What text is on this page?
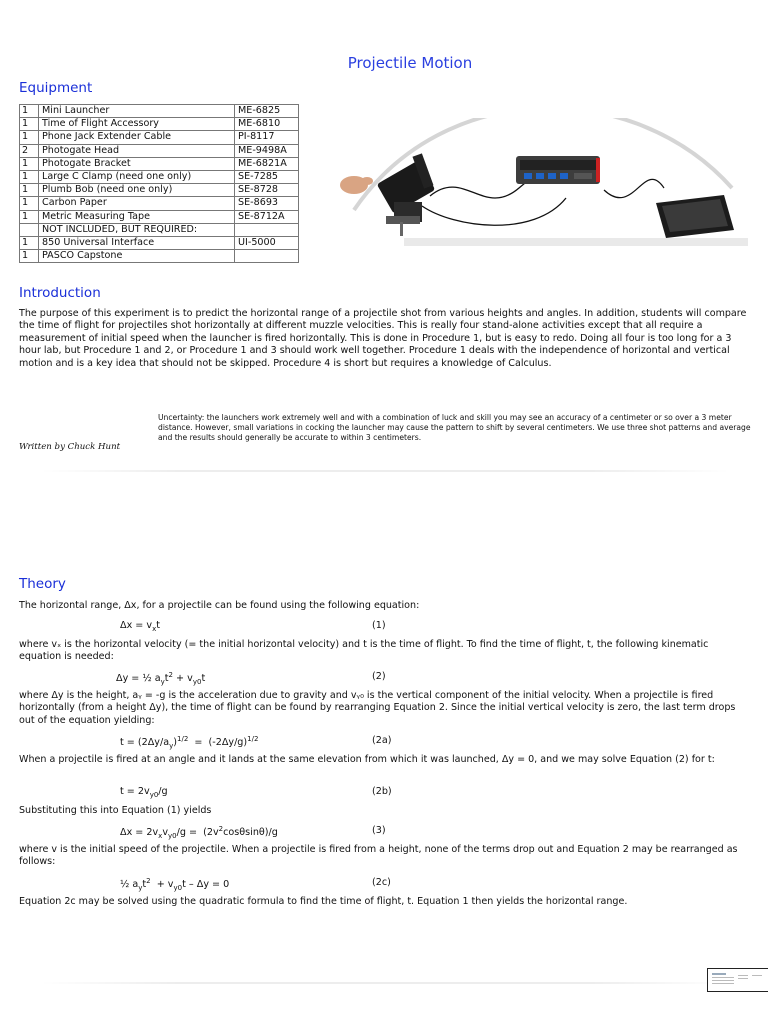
Projectile Motion
Equipment
1	Mini Launcher	ME-6825
1	Time of Flight Accessory	ME-6810
1	Phone Jack Extender Cable	PI-8117
2	Photogate Head	ME-9498A
1	Photogate Bracket	ME-6821A
1	Large C Clamp (need one only)	SE-7285
1	Plumb Bob (need one only)	SE-8728
1	Carbon Paper	SE-8693
1	Metric Measuring Tape	SE-8712A
	NOT INCLUDED, BUT REQUIRED:	
1	850 Universal Interface	UI-5000
1	PASCO Capstone	
Introduction

The purpose of this experiment is to predict the horizontal range of a projectile shot from various heights and angles. In addition, students will compare the time of flight for projectiles shot horizontally at different muzzle velocities. This is really four stand-alone activities except that all require a measurement of initial speed when the launcher is fired horizontally. This is done in Procedure 1, but is easy to redo. Doing all four is too long for a 3 hour lab, but Procedure 1 and 2, or Procedure 1 and 3 should work well together. Procedure 1 deals with the independence of horizontal and vertical motion and is a key idea that should not be skipped. Procedure 4 is short but requires a knowledge of Calculus.

Uncertainty: the launchers work extremely well and with a combination of luck and skill you may see an accuracy of a centimeter or so over a 3 meter distance. However, small variations in cocking the launcher may cause the pattern to shift by several centimeters. We use three shot patterns and average and the results should generally be accurate to within 3 centimeters.

Written by Chuck Hunt
Theory

The horizontal range, Δx, for a projectile can be found using the following equation:

$\Delta x = v_xt$	(1)

where vₓ is the horizontal velocity (= the initial horizontal velocity) and t is the time of flight. To find the time of flight, t, the following kinematic equation is needed:

Δy = ½ $a_yt^2 + v_{y0}t$	(2)

where Δy is the height, aᵧ = -g is the acceleration due to gravity and vᵧ₀ is the vertical component of the initial velocity. When a projectile is fired horizontally (from a height Δy), the time of flight can be found by rearranging Equation 2. Since the initial vertical velocity is zero, the last term drops out of the equation yielding:

$t = (2\Delta y/a_y)^{1/2} = (-2\Delta y/g)^{1/2}$	(2a)

When a projectile is fired at an angle and it lands at the same elevation from which it was launched, Δy = 0, and we may solve Equation (2) for t:

$t = 2v_{y0}/g$	(2b)

Substituting this into Equation (1) yields

$\Delta x = 2v_xv_{y0}/g = (2v^2\cos\theta\sin\theta)/g$	(3)

where v is the initial speed of the projectile. When a projectile is fired from a height, none of the terms drop out and Equation 2 may be rearranged as follows:

½ $a_yt^2 + v_{y0}t - \Delta y = 0$	(2c)

Equation 2c may be solved using the quadratic formula to find the time of flight, t. Equation 1 then yields the horizontal range.
